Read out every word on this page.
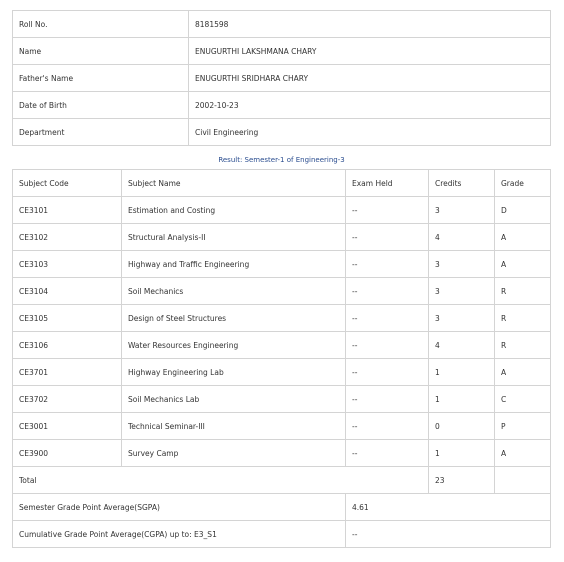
Roll No.	8181598
Name	ENUGURTHI LAKSHMANA CHARY
Father's Name	ENUGURTHI SRIDHARA CHARY
Date of Birth	2002-10-23
Department	Civil Engineering
Result: Semester-1 of Engineering-3
Subject Code	Subject Name	Exam Held	Credits	Grade
CE3101	Estimation and Costing	--	3	D
CE3102	Structural Analysis-II	--	4	A
CE3103	Highway and Traffic Engineering	--	3	A
CE3104	Soil Mechanics	--	3	R
CE3105	Design of Steel Structures	--	3	R
CE3106	Water Resources Engineering	--	4	R
CE3701	Highway Engineering Lab	--	1	A
CE3702	Soil Mechanics Lab	--	1	C
CE3001	Technical Seminar-III	--	0	P
CE3900	Survey Camp	--	1	A
Total			23	
Semester Grade Point Average(SGPA)		4.61		
Cumulative Grade Point Average(CGPA) up to: E3_S1		--		
